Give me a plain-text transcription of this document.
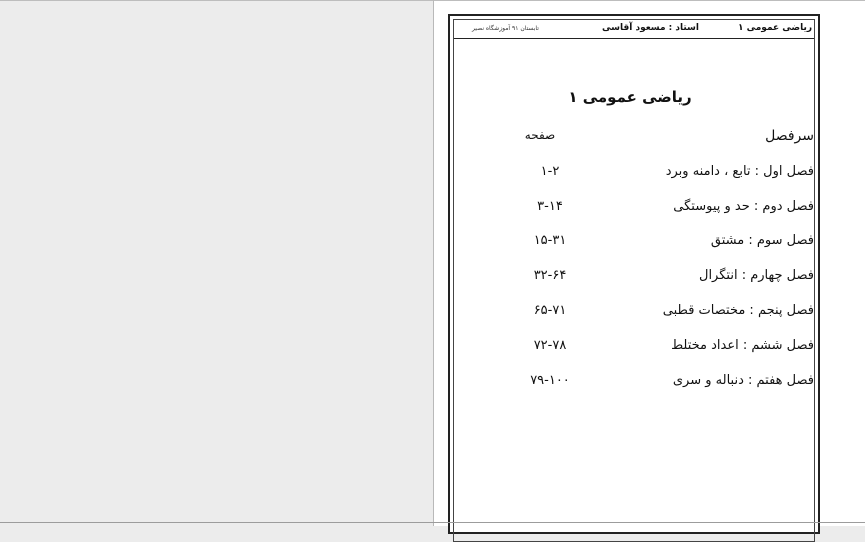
ریاضی عمومی ۱
استاد : مسعود آقاسی
تابستان ۹۱ آموزشگاه نصیر
ریاضی عمومی ۱
سرفصل
صفحه
فصل اول : تابع ، دامنه وبرد
۱-۲
فصل دوم : حد و پیوستگی
۳-۱۴
فصل سوم : مشتق
۱۵-۳۱
فصل چهارم : انتگرال
۳۲-۶۴
فصل پنجم : مختصات قطبی
۶۵-۷۱
فصل ششم : اعداد مختلط
۷۲-۷۸
فصل هفتم : دنباله و سری
۷۹-۱۰۰
